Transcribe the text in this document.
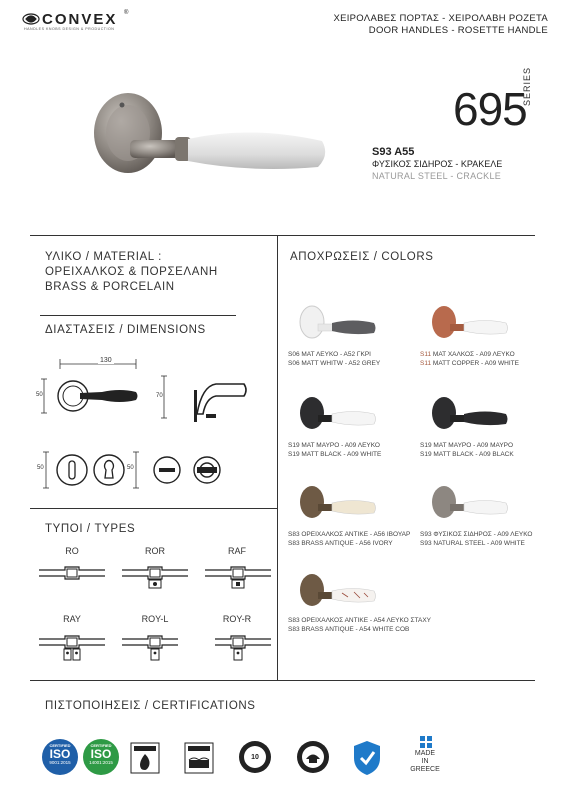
CONVEX ®
HANDLES KNOBS DESIGN & PRODUCTION
ΧΕΙΡΟΛΑΒΕΣ ΠΟΡΤΑΣ - ΧΕΙΡΟΛΑΒΗ ΡΟΖΕΤΑ
DOOR HANDLES - ROSETTE HANDLE
695
SERIES
S93 A55
ΦΥΣΙΚΟΣ ΣΙΔΗΡΟΣ - ΚΡΑΚΕΛΕ
NATURAL STEEL - CRACKLE
ΥΛΙΚΟ / MATERIAL :
ΟΡΕΙΧΑΛΚΟΣ & ΠΟΡΣΕΛΑΝΗ
BRASS & PORCELAIN
ΔΙΑΣΤΑΣΕΙΣ / DIMENSIONS
130
50	70
50	50
ΤΥΠΟΙ / TYPES
RO	ROR	RAF
RAY	ROY-L	ROY-R
ΑΠΟΧΡΩΣΕΙΣ / COLORS
S06 ΜΑΤ ΛΕΥΚΟ - Α52 ΓΚΡΙ
S06 MATT WHITW - A52 GREY
S11 ΜΑΤ ΧΑΛΚΟΣ - Α09 ΛΕΥΚΟ
S11 MATT COPPER - A09 WHITE
S19 ΜΑΤ ΜΑΥΡΟ - Α09 ΛΕΥΚΟ
S19 MATT BLACK - A09 WHITE
S19 ΜΑΤ ΜΑΥΡΟ - Α09 ΜΑΥΡΟ
S19 MATT BLACK - A09 BLACK
S83 ΟΡΕΙΧΑΛΚΟΣ ΑΝΤΙΚΕ - Α56 ΙΒΟΥΑΡ
S83 BRASS ANTIQUE - A56 IVORY
S93 ΦΥΣΙΚΟΣ ΣΙΔΗΡΟΣ - Α09 ΛΕΥΚΟ
S93 NATURAL STEEL - A09 WHITE
S83 ΟΡΕΙΧΑΛΚΟΣ ΑΝΤΙΚΕ - Α54 ΛΕΥΚΟ ΣΤΑΧΥ
S83 BRASS ANTIQUE - A54 WHITE COB
ΠΙΣΤΟΠΟΙΗΣΕΙΣ / CERTIFICATIONS
CERTIFIED
ISO
9001:2015
CERTIFIED
ISO
14001:2015
10
MADE
IN
GREECE
